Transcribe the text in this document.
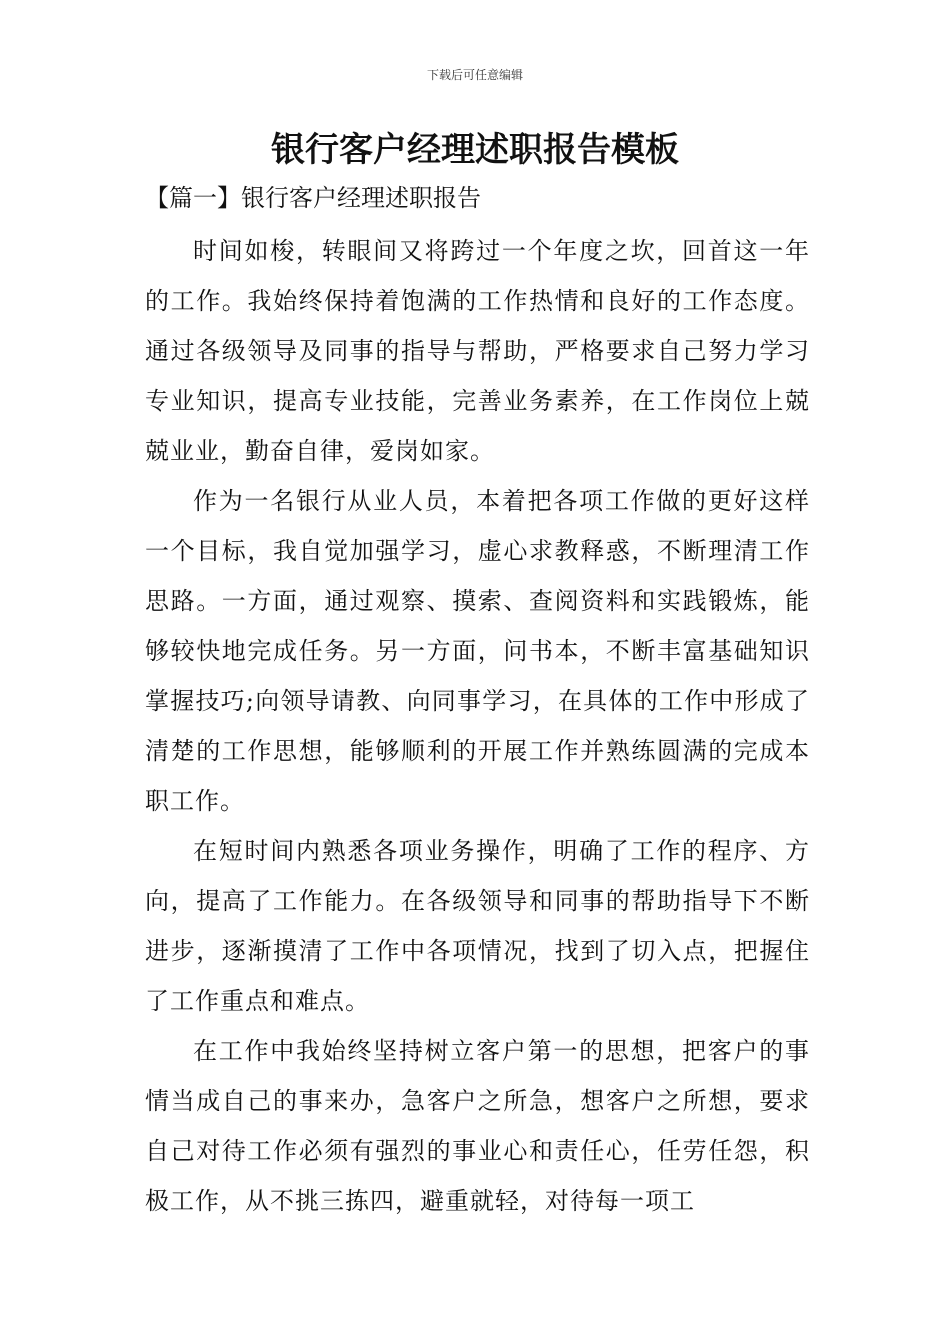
下载后可任意编辑
银行客户经理述职报告模板
【篇一】银行客户经理述职报告

时间如梭，转眼间又将跨过一个年度之坎，回首这一年的工作。我始终保持着饱满的工作热情和良好的工作态度。通过各级领导及同事的指导与帮助，严格要求自己努力学习专业知识，提高专业技能，完善业务素养，在工作岗位上兢兢业业，勤奋自律，爱岗如家。

作为一名银行从业人员，本着把各项工作做的更好这样一个目标，我自觉加强学习，虚心求教释惑，不断理清工作思路。一方面，通过观察、摸索、查阅资料和实践锻炼，能够较快地完成任务。另一方面，问书本，不断丰富基础知识掌握技巧;向领导请教、向同事学习，在具体的工作中形成了清楚的工作思想，能够顺利的开展工作并熟练圆满的完成本职工作。

在短时间内熟悉各项业务操作，明确了工作的程序、方向，提高了工作能力。在各级领导和同事的帮助指导下不断进步，逐渐摸清了工作中各项情况，找到了切入点，把握住了工作重点和难点。

在工作中我始终坚持树立客户第一的思想，把客户的事情当成自己的事来办，急客户之所急，想客户之所想，要求自己对待工作必须有强烈的事业心和责任心，任劳任怨，积极工作，从不挑三拣四，避重就轻，对待每一项工
